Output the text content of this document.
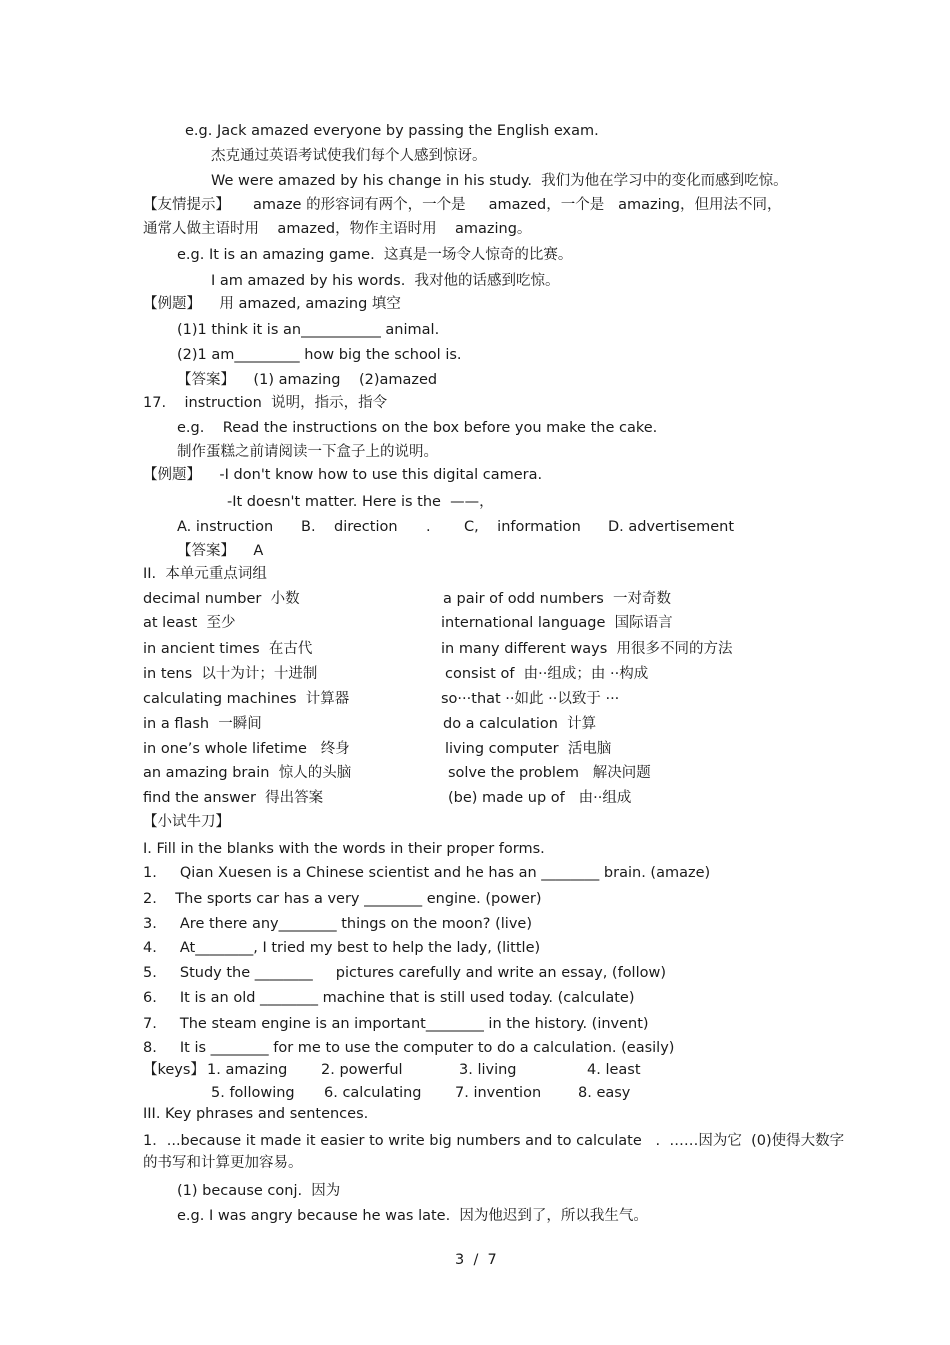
e.g. Jack amazed everyone by passing the English exam.
杰克通过英语考试使我们每个人感到惊讶。
We were amazed by his change in his study.  我们为他在学习中的变化而感到吃惊。
【友情提示】     amaze 的形容词有两个，一个是     amazed，一个是   amazing，但用法不同，
通常人做主语时用    amazed，物作主语时用    amazing。
e.g. It is an amazing game.  这真是一场令人惊奇的比赛。
I am amazed by his words.  我对他的话感到吃惊。
【例题】    用 amazed, amazing 填空
(1)1 think it is an___________ animal.
(2)1 am_________ how big the school is.
【答案】    (1) amazing    (2)amazed
17.    instruction  说明，指示，指令
e.g.    Read the instructions on the box before you make the cake.
制作蛋糕之前请阅读一下盒子上的说明。
【例题】    -I don't know how to use this digital camera.
-It doesn't matter. Here is the  ——，
A. instruction B.    direction . C,    information D. advertisement
【答案】    A
II.  本单元重点词组
decimal number  小数	a pair of odd numbers  一对奇数
at least  至少	international language  国际语言
in ancient times  在古代	in many different ways  用很多不同的方法
in tens  以十为计；十进制	consist of  由··组成；由 ··构成
calculating machines  计算器	so···that ··如此 ··以致于 ···
in a flash  一瞬间	do a calculation  计算
in one’s whole lifetime   终身	living computer  活电脑
an amazing brain  惊人的头脑	solve the problem   解决问题
find the answer  得出答案	(be) made up of   由··组成
【小试牛刀】
I. Fill in the blanks with the words in their proper forms.
1.     Qian Xuesen is a Chinese scientist and he has an ________ brain. (amaze)
2.    The sports car has a very ________ engine. (power)
3.     Are there any________ things on the moon? (live)
4.     At________, I tried my best to help the lady, (little)
5.     Study the ________     pictures carefully and write an essay, (follow)
6.     It is an old ________ machine that is still used today. (calculate)
7.     The steam engine is an important________ in the history. (invent)
8.     It is ________ for me to use the computer to do a calculation. (easily)
【keys】 1. amazing 2. powerful	3. living	4. least
5. following 6. calculating 7. invention	8. easy
III. Key phrases and sentences.
1．...because it made it easier to write big numbers and to calculate   .  ……因为它  (0)使得大数字
的书写和计算更加容易。
(1) because conj.  因为
e.g. I was angry because he was late.  因为他迟到了，所以我生气。
3  /  7
